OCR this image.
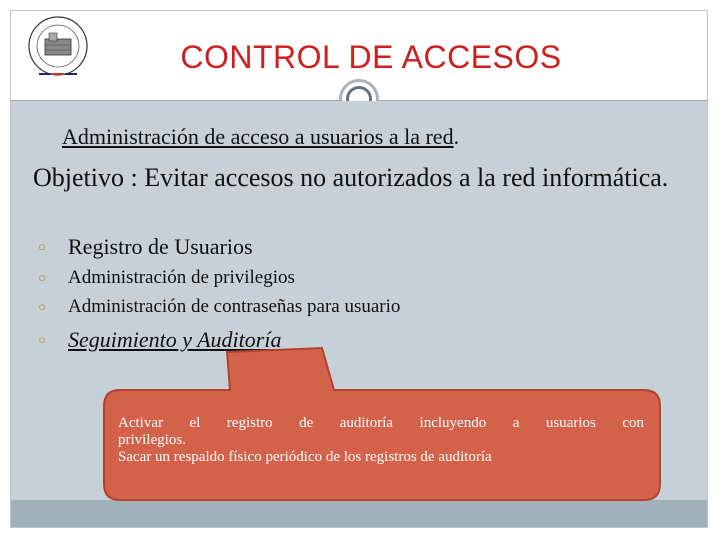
CONTROL DE ACCESOS
Administración de acceso a usuarios a la red.
Objetivo : Evitar accesos no autorizados a la red informática.
○ Registro de Usuarios
○ Administración de privilegios
○ Administración de contraseñas para usuario
○ Seguimiento y Auditoría
Activar el registro de auditoría incluyendo a usuarios con
privilegios.
Sacar un respaldo físico periódico de los registros de auditoría
